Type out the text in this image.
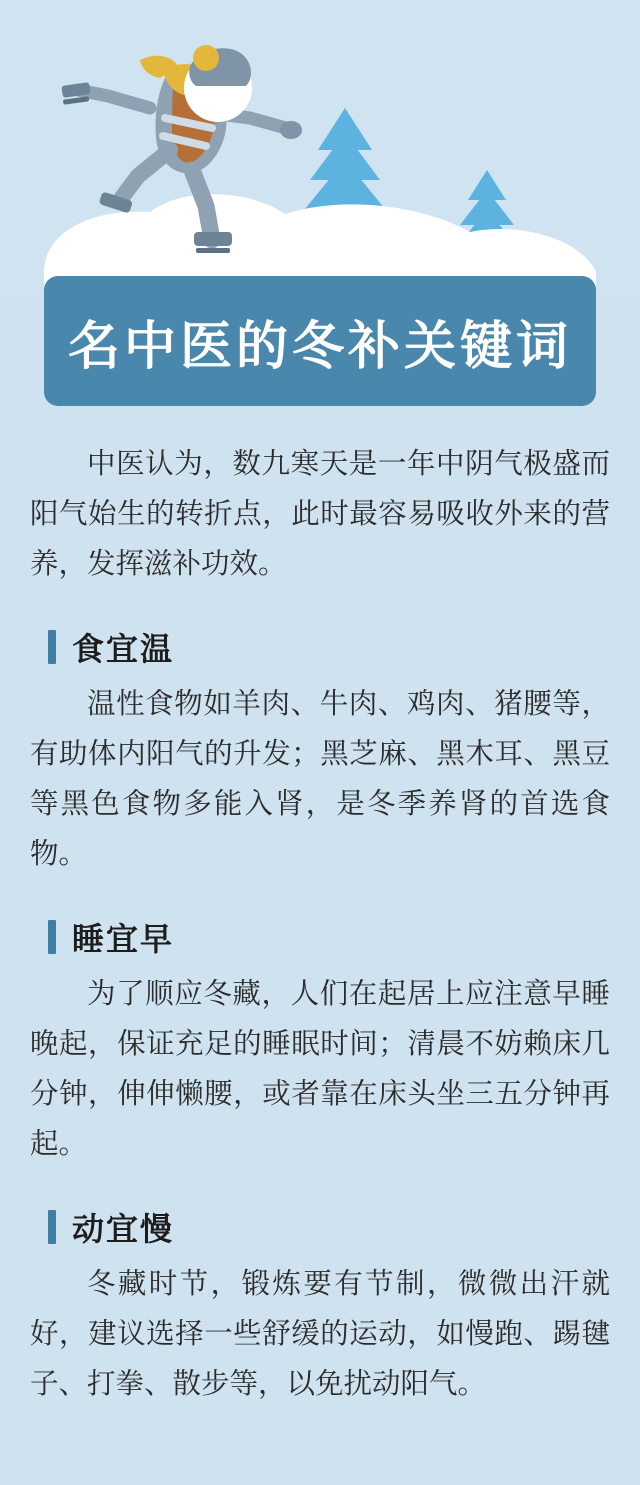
名中医的冬补关键词

中医认为，数九寒天是一年中阴气极盛而阳气始生的转折点，此时最容易吸收外来的营养，发挥滋补功效。

食宜温

温性食物如羊肉、牛肉、鸡肉、猪腰等，有助体内阳气的升发；黑芝麻、黑木耳、黑豆等黑色食物多能入肾，是冬季养肾的首选食物。

睡宜早

为了顺应冬藏，人们在起居上应注意早睡晚起，保证充足的睡眠时间；清晨不妨赖床几分钟，伸伸懒腰，或者靠在床头坐三五分钟再起。

动宜慢

冬藏时节，锻炼要有节制，微微出汗就好，建议选择一些舒缓的运动，如慢跑、踢毽子、打拳、散步等，以免扰动阳气。
